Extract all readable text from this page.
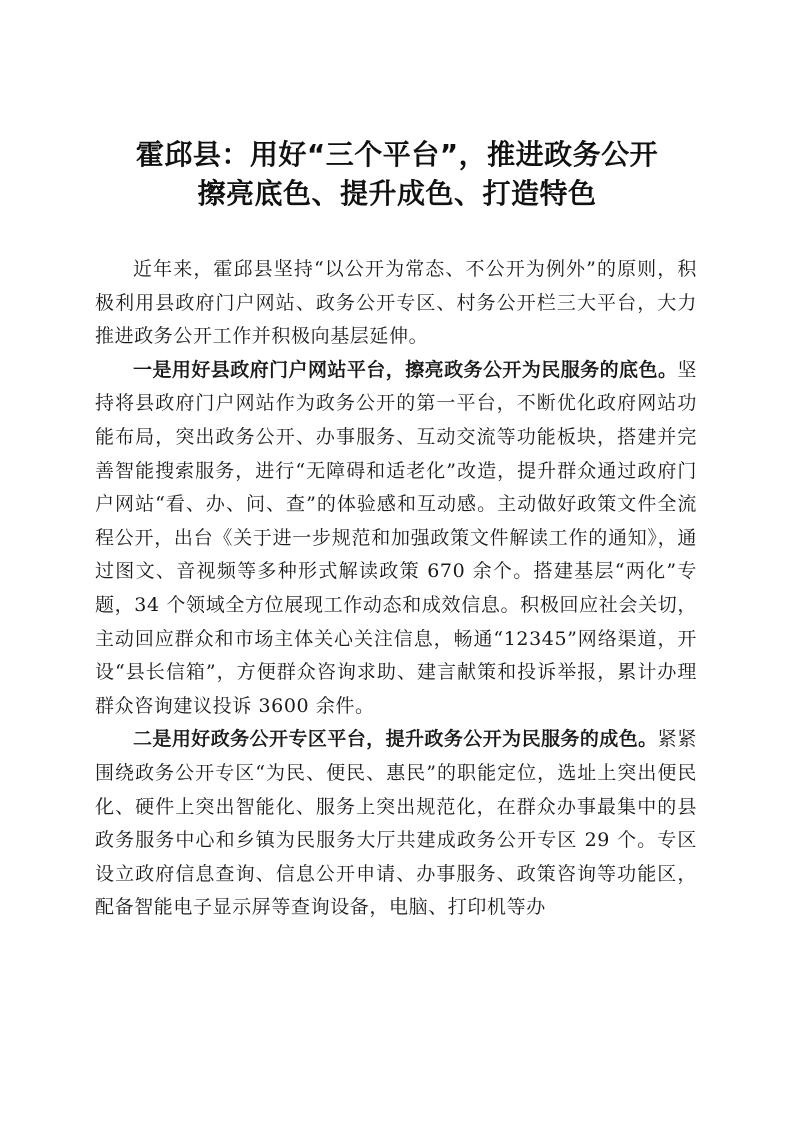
霍邱县：用好“三个平台”，推进政务公开
擦亮底色、提升成色、打造特色

近年来，霍邱县坚持“以公开为常态、不公开为例外”的原则，积极利用县政府门户网站、政务公开专区、村务公开栏三大平台，大力推进政务公开工作并积极向基层延伸。

一是用好县政府门户网站平台，擦亮政务公开为民服务的底色。坚持将县政府门户网站作为政务公开的第一平台，不断优化政府网站功能布局，突出政务公开、办事服务、互动交流等功能板块，搭建并完善智能搜索服务，进行“无障碍和适老化”改造，提升群众通过政府门户网站“看、办、问、查”的体验感和互动感。主动做好政策文件全流程公开，出台《关于进一步规范和加强政策文件解读工作的通知》，通过图文、音视频等多种形式解读政策 670 余个。搭建基层“两化”专题，34 个领域全方位展现工作动态和成效信息。积极回应社会关切，主动回应群众和市场主体关心关注信息，畅通“12345”网络渠道，开设“县长信箱”，方便群众咨询求助、建言献策和投诉举报，累计办理群众咨询建议投诉 3600 余件。

二是用好政务公开专区平台，提升政务公开为民服务的成色。紧紧围绕政务公开专区“为民、便民、惠民”的职能定位，选址上突出便民化、硬件上突出智能化、服务上突出规范化，在群众办事最集中的县政务服务中心和乡镇为民服务大厅共建成政务公开专区 29 个。专区设立政府信息查询、信息公开申请、办事服务、政策咨询等功能区，配备智能电子显示屏等查询设备，电脑、打印机等办
